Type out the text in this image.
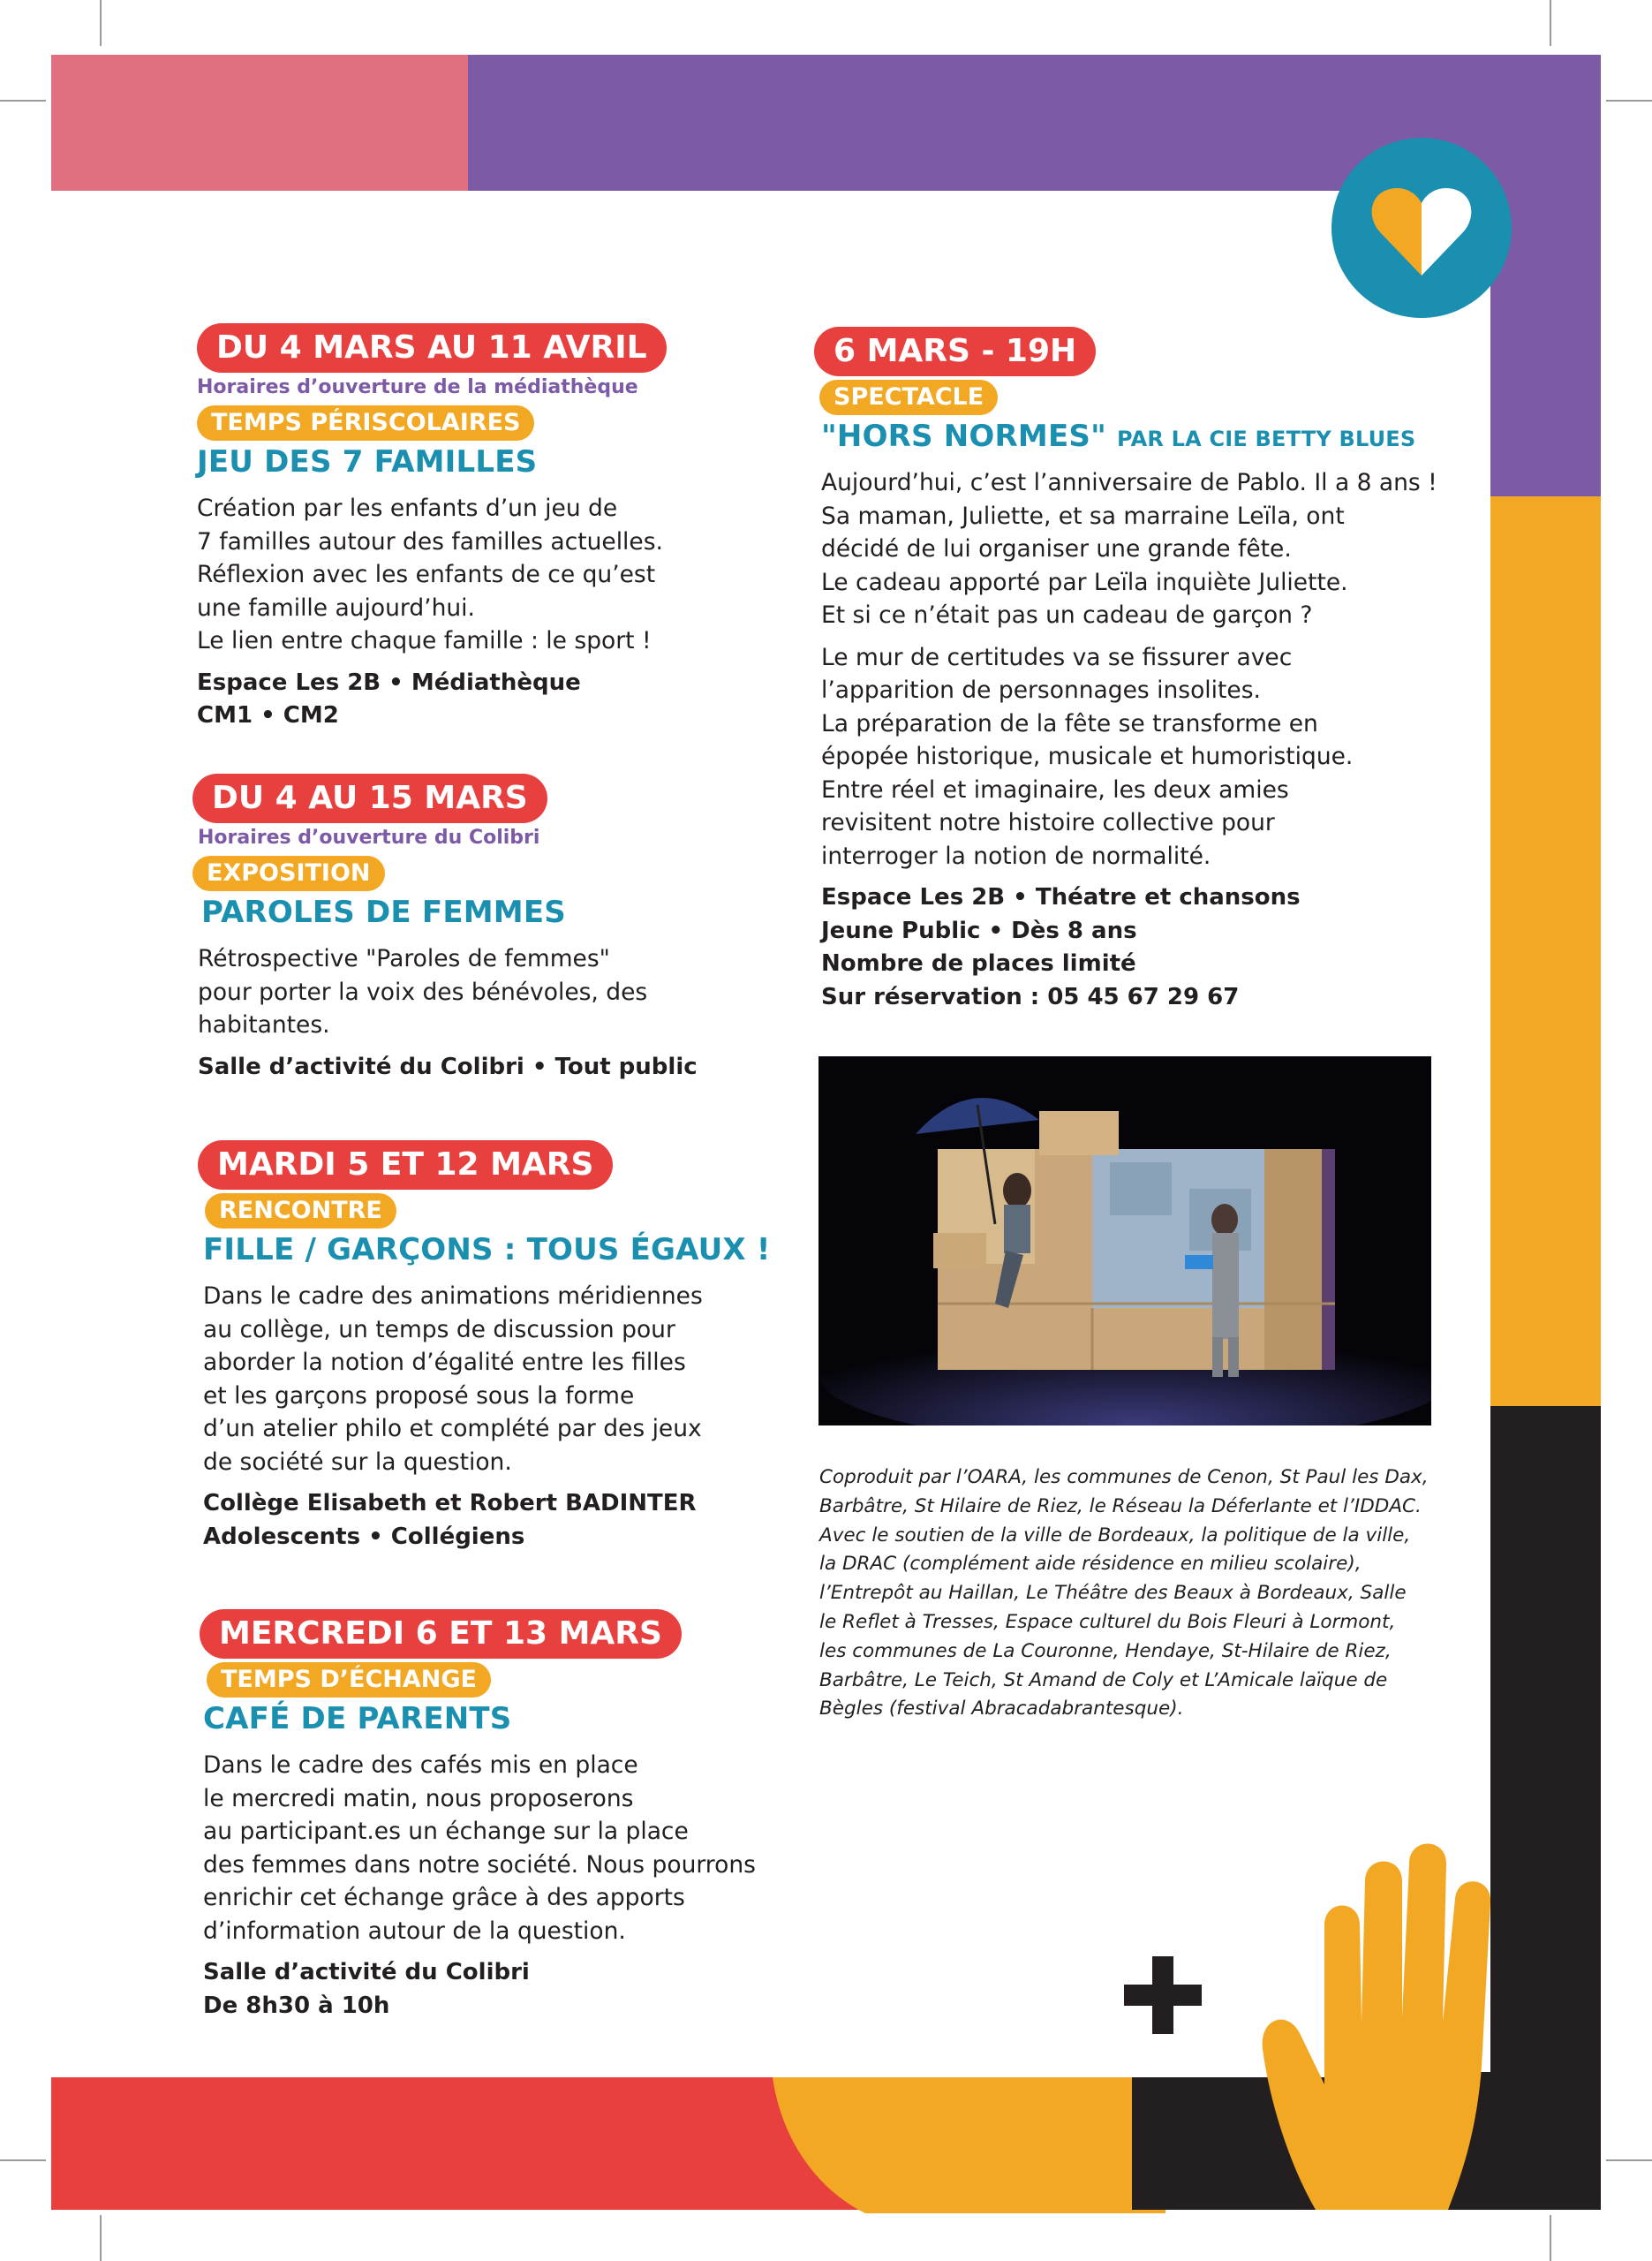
DU 4 MARS AU 11 AVRIL
Horaires d’ouverture de la médiathèque
TEMPS PÉRISCOLAIRES
JEU DES 7 FAMILLES
Création par les enfants d’un jeu de
7 familles autour des familles actuelles.
Réflexion avec les enfants de ce qu’est
une famille aujourd’hui.
Le lien entre chaque famille : le sport !
Espace Les 2B • Médiathèque
CM1 • CM2
DU 4 AU 15 MARS
Horaires d’ouverture du Colibri
EXPOSITION
PAROLES DE FEMMES
Rétrospective "Paroles de femmes"
pour porter la voix des bénévoles, des
habitantes.
Salle d’activité du Colibri • Tout public
MARDI 5 ET 12 MARS
RENCONTRE
FILLE / GARÇONS : TOUS ÉGAUX !
Dans le cadre des animations méridiennes
au collège, un temps de discussion pour
aborder la notion d’égalité entre les filles
et les garçons proposé sous la forme
d’un atelier philo et complété par des jeux
de société sur la question.
Collège Elisabeth et Robert BADINTER
Adolescents • Collégiens
MERCREDI 6 ET 13 MARS
TEMPS D’ÉCHANGE
CAFÉ DE PARENTS
Dans le cadre des cafés mis en place
le mercredi matin, nous proposerons
au participant.es un échange sur la place
des femmes dans notre société. Nous pourrons
enrichir cet échange grâce à des apports
d’information autour de la question.
Salle d’activité du Colibri
De 8h30 à 10h
6 MARS - 19H
SPECTACLE
"HORS NORMES" PAR LA CIE BETTY BLUES
Aujourd’hui, c’est l’anniversaire de Pablo. Il a 8 ans !
Sa maman, Juliette, et sa marraine Leïla, ont
décidé de lui organiser une grande fête.
Le cadeau apporté par Leïla inquiète Juliette.
Et si ce n’était pas un cadeau de garçon ?
Le mur de certitudes va se fissurer avec
l’apparition de personnages insolites.
La préparation de la fête se transforme en
épopée historique, musicale et humoristique.
Entre réel et imaginaire, les deux amies
revisitent notre histoire collective pour
interroger la notion de normalité.
Espace Les 2B • Théatre et chansons
Jeune Public • Dès 8 ans
Nombre de places limité
Sur réservation : 05 45 67 29 67
Coproduit par l’OARA, les communes de Cenon, St Paul les Dax,
Barbâtre, St Hilaire de Riez, le Réseau la Déferlante et l’IDDAC.
Avec le soutien de la ville de Bordeaux, la politique de la ville,
la DRAC (complément aide résidence en milieu scolaire),
l’Entrepôt au Haillan, Le Théâtre des Beaux à Bordeaux, Salle
le Reflet à Tresses, Espace culturel du Bois Fleuri à Lormont,
les communes de La Couronne, Hendaye, St-Hilaire de Riez,
Barbâtre, Le Teich, St Amand de Coly et L’Amicale laïque de
Bègles (festival Abracadabrantesque).
